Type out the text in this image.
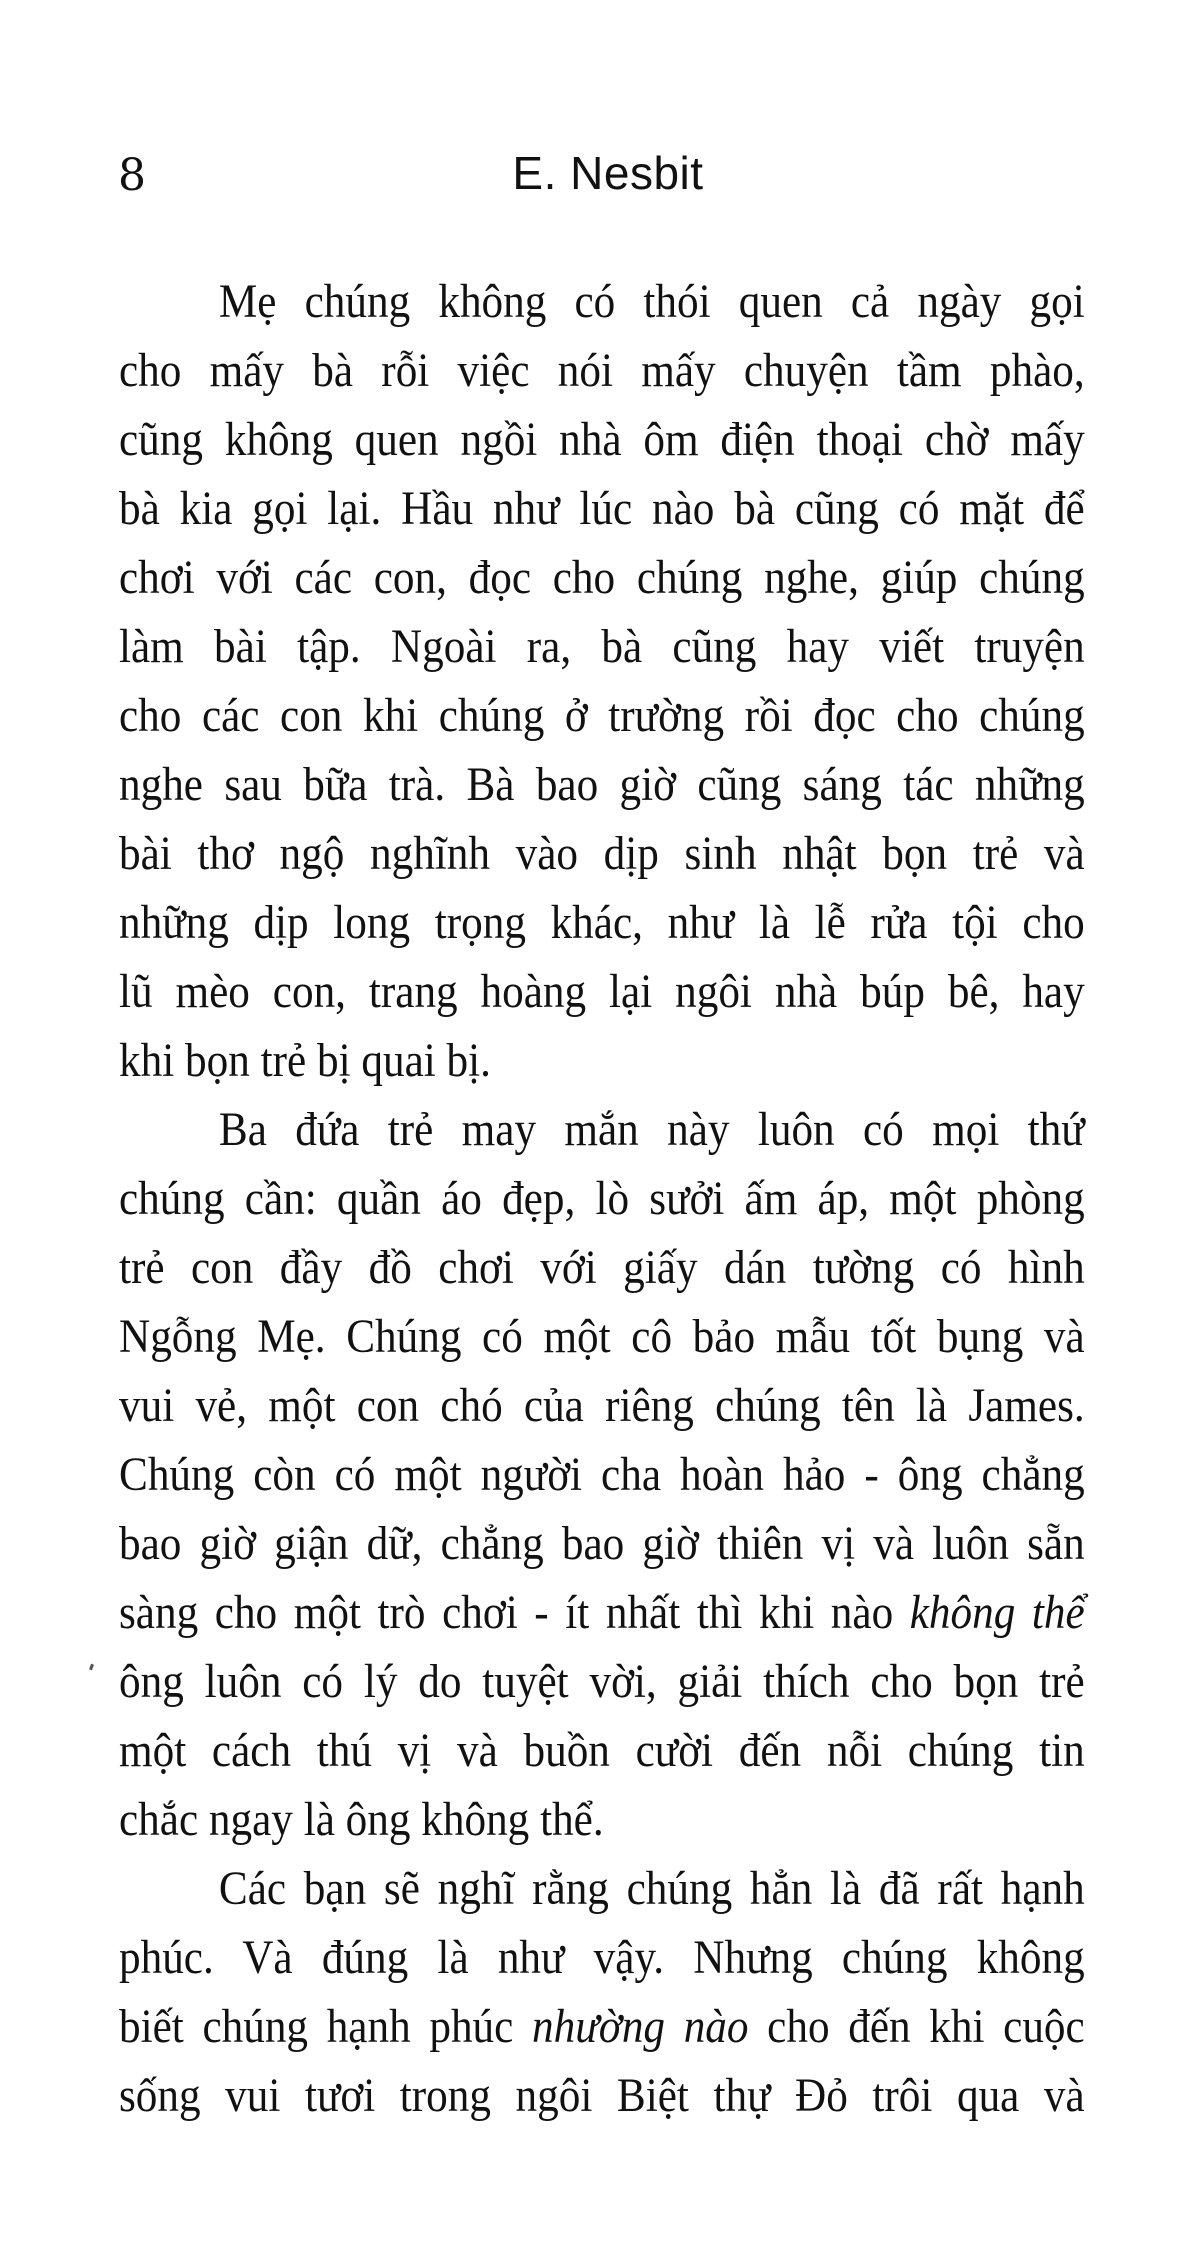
8	E. Nesbit
Mẹ chúng không có thói quen cả ngày gọi
cho mấy bà rỗi việc nói mấy chuyện tầm phào,
cũng không quen ngồi nhà ôm điện thoại chờ mấy
bà kia gọi lại. Hầu như lúc nào bà cũng có mặt để
chơi với các con, đọc cho chúng nghe, giúp chúng
làm bài tập. Ngoài ra, bà cũng hay viết truyện
cho các con khi chúng ở trường rồi đọc cho chúng
nghe sau bữa trà. Bà bao giờ cũng sáng tác những
bài thơ ngộ nghĩnh vào dịp sinh nhật bọn trẻ và
những dịp long trọng khác, như là lễ rửa tội cho
lũ mèo con, trang hoàng lại ngôi nhà búp bê, hay
khi bọn trẻ bị quai bị.
Ba đứa trẻ may mắn này luôn có mọi thứ
chúng cần: quần áo đẹp, lò sưởi ấm áp, một phòng
trẻ con đầy đồ chơi với giấy dán tường có hình
Ngỗng Mẹ. Chúng có một cô bảo mẫu tốt bụng và
vui vẻ, một con chó của riêng chúng tên là James.
Chúng còn có một người cha hoàn hảo - ông chẳng
bao giờ giận dữ, chẳng bao giờ thiên vị và luôn sẵn
sàng cho một trò chơi - ít nhất thì khi nào không thể
ông luôn có lý do tuyệt vời, giải thích cho bọn trẻ
một cách thú vị và buồn cười đến nỗi chúng tin
chắc ngay là ông không thể.
Các bạn sẽ nghĩ rằng chúng hẳn là đã rất hạnh
phúc. Và đúng là như vậy. Nhưng chúng không
biết chúng hạnh phúc nhường nào cho đến khi cuộc
sống vui tươi trong ngôi Biệt thự Đỏ trôi qua và
